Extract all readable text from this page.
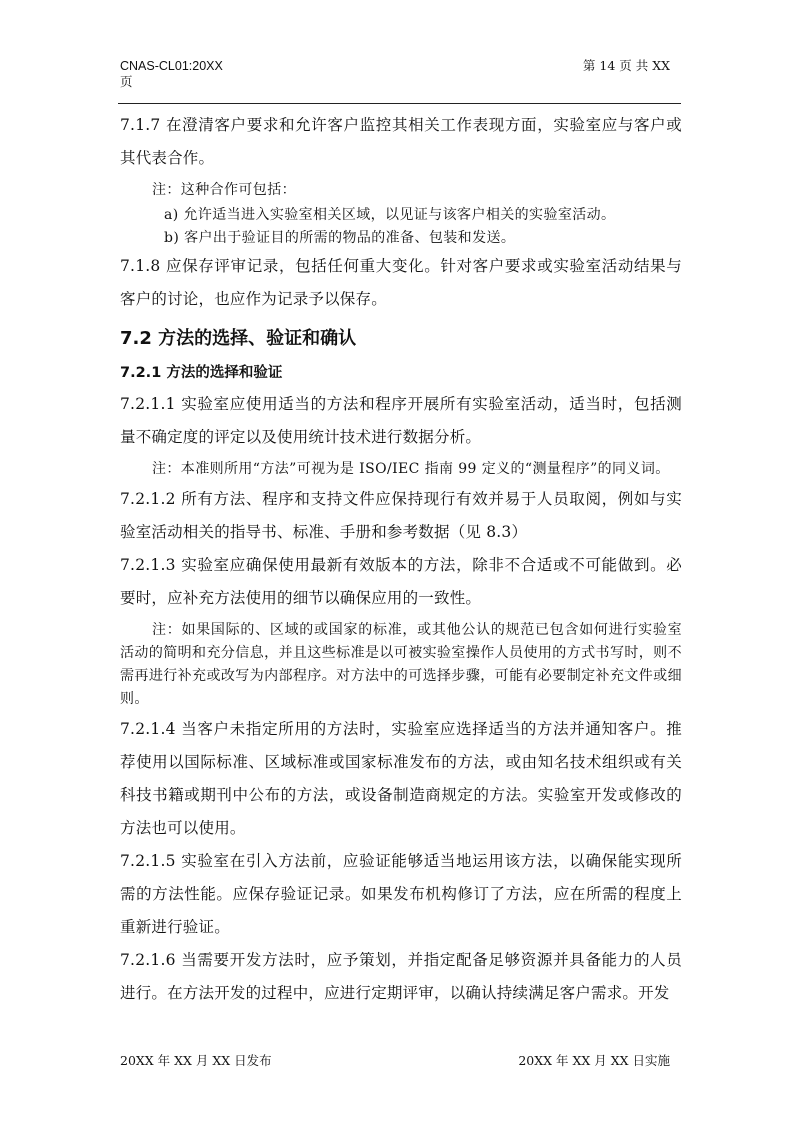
CNAS-CL01:20XX
页
第 14 页 共 XX

7.1.7 在澄清客户要求和允许客户监控其相关工作表现方面，实验室应与客户或其代表合作。

注：这种合作可包括：

a) 允许适当进入实验室相关区域，以见证与该客户相关的实验室活动。

b) 客户出于验证目的所需的物品的准备、包装和发送。

7.1.8 应保存评审记录，包括任何重大变化。针对客户要求或实验室活动结果与客户的讨论，也应作为记录予以保存。

7.2 方法的选择、验证和确认
7.2.1 方法的选择和验证

7.2.1.1 实验室应使用适当的方法和程序开展所有实验室活动，适当时，包括测量不确定度的评定以及使用统计技术进行数据分析。

注：本准则所用“方法”可视为是 ISO/IEC 指南 99 定义的“测量程序”的同义词。

7.2.1.2 所有方法、程序和支持文件应保持现行有效并易于人员取阅，例如与实验室活动相关的指导书、标准、手册和参考数据（见 8.3）

7.2.1.3 实验室应确保使用最新有效版本的方法，除非不合适或不可能做到。必要时，应补充方法使用的细节以确保应用的一致性。

注：如果国际的、区域的或国家的标准，或其他公认的规范已包含如何进行实验室活动的简明和充分信息，并且这些标准是以可被实验室操作人员使用的方式书写时，则不需再进行补充或改写为内部程序。对方法中的可选择步骤，可能有必要制定补充文件或细则。

7.2.1.4 当客户未指定所用的方法时，实验室应选择适当的方法并通知客户。推荐使用以国际标准、区域标准或国家标准发布的方法，或由知名技术组织或有关科技书籍或期刊中公布的方法，或设备制造商规定的方法。实验室开发或修改的方法也可以使用。

7.2.1.5 实验室在引入方法前，应验证能够适当地运用该方法，以确保能实现所需的方法性能。应保存验证记录。如果发布机构修订了方法，应在所需的程度上重新进行验证。

7.2.1.6 当需要开发方法时，应予策划，并指定配备足够资源并具备能力的人员进行。在方法开发的过程中，应进行定期评审，以确认持续满足客户需求。开发

20XX 年 XX 月 XX 日发布	20XX 年 XX 月 XX 日实施
